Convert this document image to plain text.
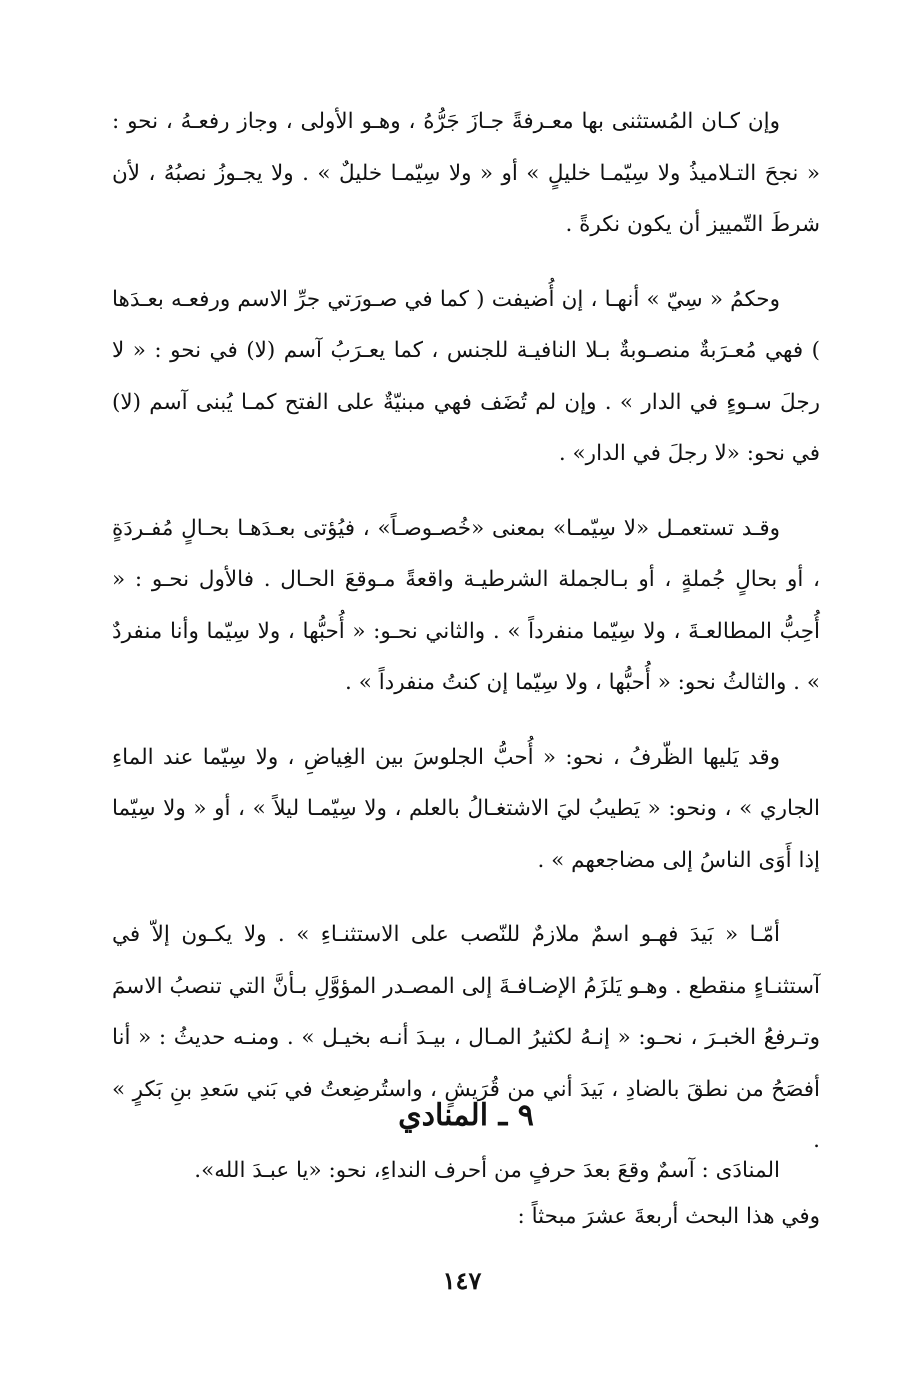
وإن كـان المُستثنى بها معـرفةً جـازَ جَرُّهُ ، وهـو الأولى ، وجاز رفعـهُ ، نحو : « نجحَ التـلاميذُ ولا سِيّمـا خليلٍ » أو « ولا سِيّمـا خليلٌ » . ولا يجـوزُ نصبُهُ ، لأن شرطَ التّمييز أن يكون نكرةً .

وحكمُ « سِيّ » أنهـا ، إن أُضيفت ( كما في صـورَتي جرِّ الاسم ورفعـه بعـدَها ) فهي مُعـرَبةٌ منصـوبةٌ بـلا النافيـة للجنس ، كما يعـرَبُ آسم (لا) في نحو : « لا رجلَ سـوءٍ في الدار » . وإن لم تُضَف فهي مبنيّةٌ على الفتح كمـا يُبنى آسم (لا) في نحو: «لا رجلَ في الدار» .

وقـد تستعمـل «لا سِيّمـا» بمعنى «خُصـوصـاً» ، فيُؤتى بعـدَهـا بحـالٍ مُفـردَةٍ ، أو بحالٍ جُملةٍ ، أو بـالجملة الشرطيـة واقعةً مـوقعَ الحـال . فالأول نحـو : « أُحِبُّ المطالعـةَ ، ولا سِيّما منفرداً » . والثاني نحـو: « أُحبُّها ، ولا سِيّما وأنا منفردٌ » . والثالثُ نحو: « أُحبُّها ، ولا سِيّما إن كنتُ منفرداً » .

وقد يَليها الظّرفُ ، نحو: « أُحبُّ الجلوسَ بين الغِياضِ ، ولا سِيّما عند الماءِ الجاري » ، ونحو: « يَطيبُ ليَ الاشتغـالُ بالعلم ، ولا سِيّمـا ليلاً » ، أو « ولا سِيّما إذا أَوَى الناسُ إلى مضاجعهم » .

أمّـا « بَيدَ فهـو اسمٌ ملازمٌ للنّصب على الاستثنـاءِ » . ولا يكـون إلاّ في آستثنـاءٍ منقطع . وهـو يَلزَمُ الإضـافـةَ إلى المصـدر المؤوَّلِ بـأنَّ التي تنصبُ الاسمَ وتـرفعُ الخبـرَ ، نحـو: « إنـهُ لكثيرُ المـال ، بيـدَ أنـه بخيـل » . ومنـه حديثُ : « أنا أفصَحُ من نطقَ بالضادِ ، بَيدَ أني من قُرَيشٍ ، واستُرضِعتُ في بَني سَعدِ بنِ بَكرٍ » .

٩ ـ المنادي

المنادَى : آسمٌ وقعَ بعدَ حرفٍ من أحرف النداءِ، نحو: «يا عبـدَ الله».

وفي هذا البحث أربعةَ عشرَ مبحثاً :

١٤٧
